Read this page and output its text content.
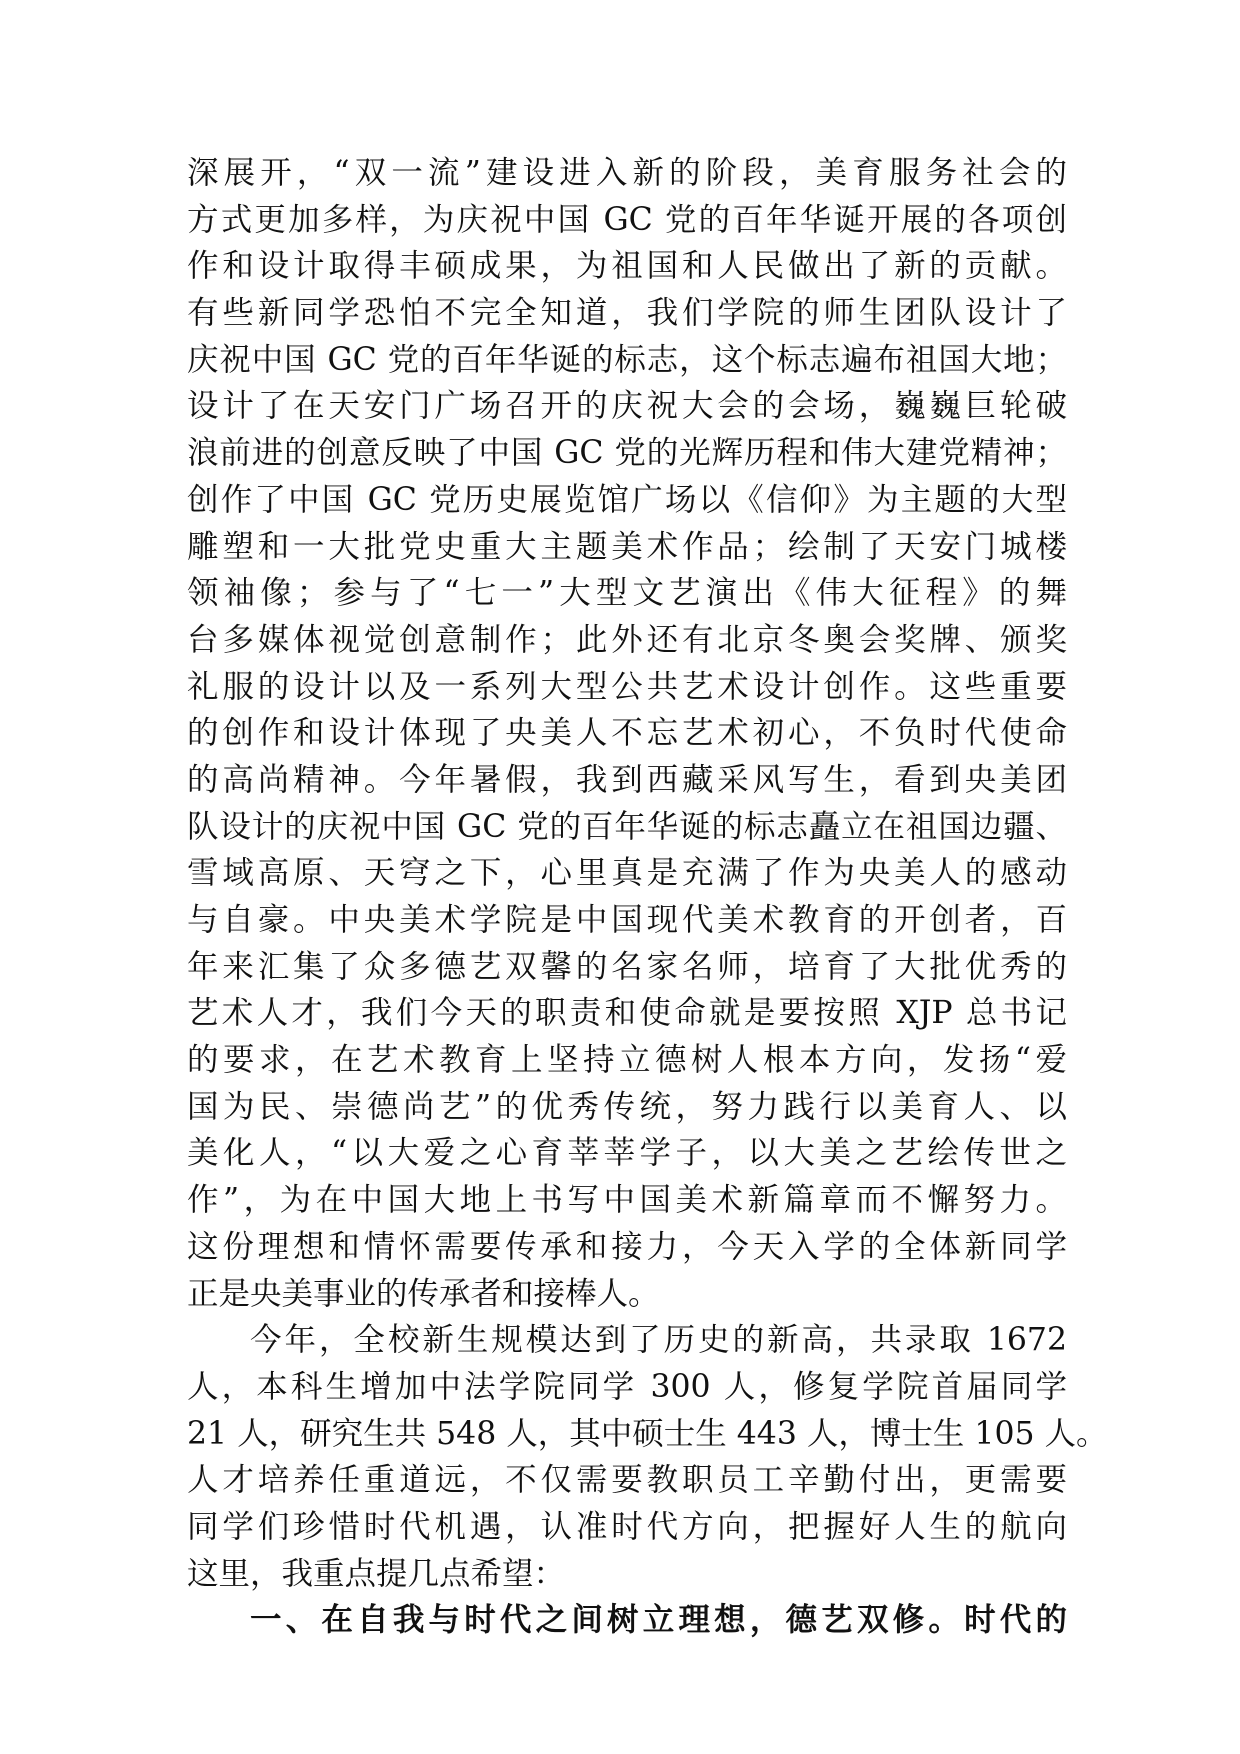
深展开，“双一流”建设进入新的阶段，美育服务社会的
方式更加多样，为庆祝中国 GC 党的百年华诞开展的各项创
作和设计取得丰硕成果，为祖国和人民做出了新的贡献。
有些新同学恐怕不完全知道，我们学院的师生团队设计了
庆祝中国 GC 党的百年华诞的标志，这个标志遍布祖国大地；
设计了在天安门广场召开的庆祝大会的会场，巍巍巨轮破
浪前进的创意反映了中国 GC 党的光辉历程和伟大建党精神；
创作了中国 GC 党历史展览馆广场以《信仰》为主题的大型
雕塑和一大批党史重大主题美术作品；绘制了天安门城楼
领袖像；参与了“七一”大型文艺演出《伟大征程》的舞
台多媒体视觉创意制作；此外还有北京冬奥会奖牌、颁奖
礼服的设计以及一系列大型公共艺术设计创作。这些重要
的创作和设计体现了央美人不忘艺术初心，不负时代使命
的高尚精神。今年暑假，我到西藏采风写生，看到央美团
队设计的庆祝中国 GC 党的百年华诞的标志矗立在祖国边疆、
雪域高原、天穹之下，心里真是充满了作为央美人的感动
与自豪。中央美术学院是中国现代美术教育的开创者，百
年来汇集了众多德艺双馨的名家名师，培育了大批优秀的
艺术人才，我们今天的职责和使命就是要按照 XJP 总书记
的要求，在艺术教育上坚持立德树人根本方向，发扬“爱
国为民、崇德尚艺”的优秀传统，努力践行以美育人、以
美化人，“以大爱之心育莘莘学子，以大美之艺绘传世之
作”，为在中国大地上书写中国美术新篇章而不懈努力。
这份理想和情怀需要传承和接力，今天入学的全体新同学
正是央美事业的传承者和接棒人。
今年，全校新生规模达到了历史的新高，共录取 1672
人，本科生增加中法学院同学 300 人，修复学院首届同学
21 人，研究生共 548 人，其中硕士生 443 人，博士生 105 人。
人才培养任重道远，不仅需要教职员工辛勤付出，更需要
同学们珍惜时代机遇，认准时代方向，把握好人生的航向
这里，我重点提几点希望：
一、在自我与时代之间树立理想，德艺双修。时代的
